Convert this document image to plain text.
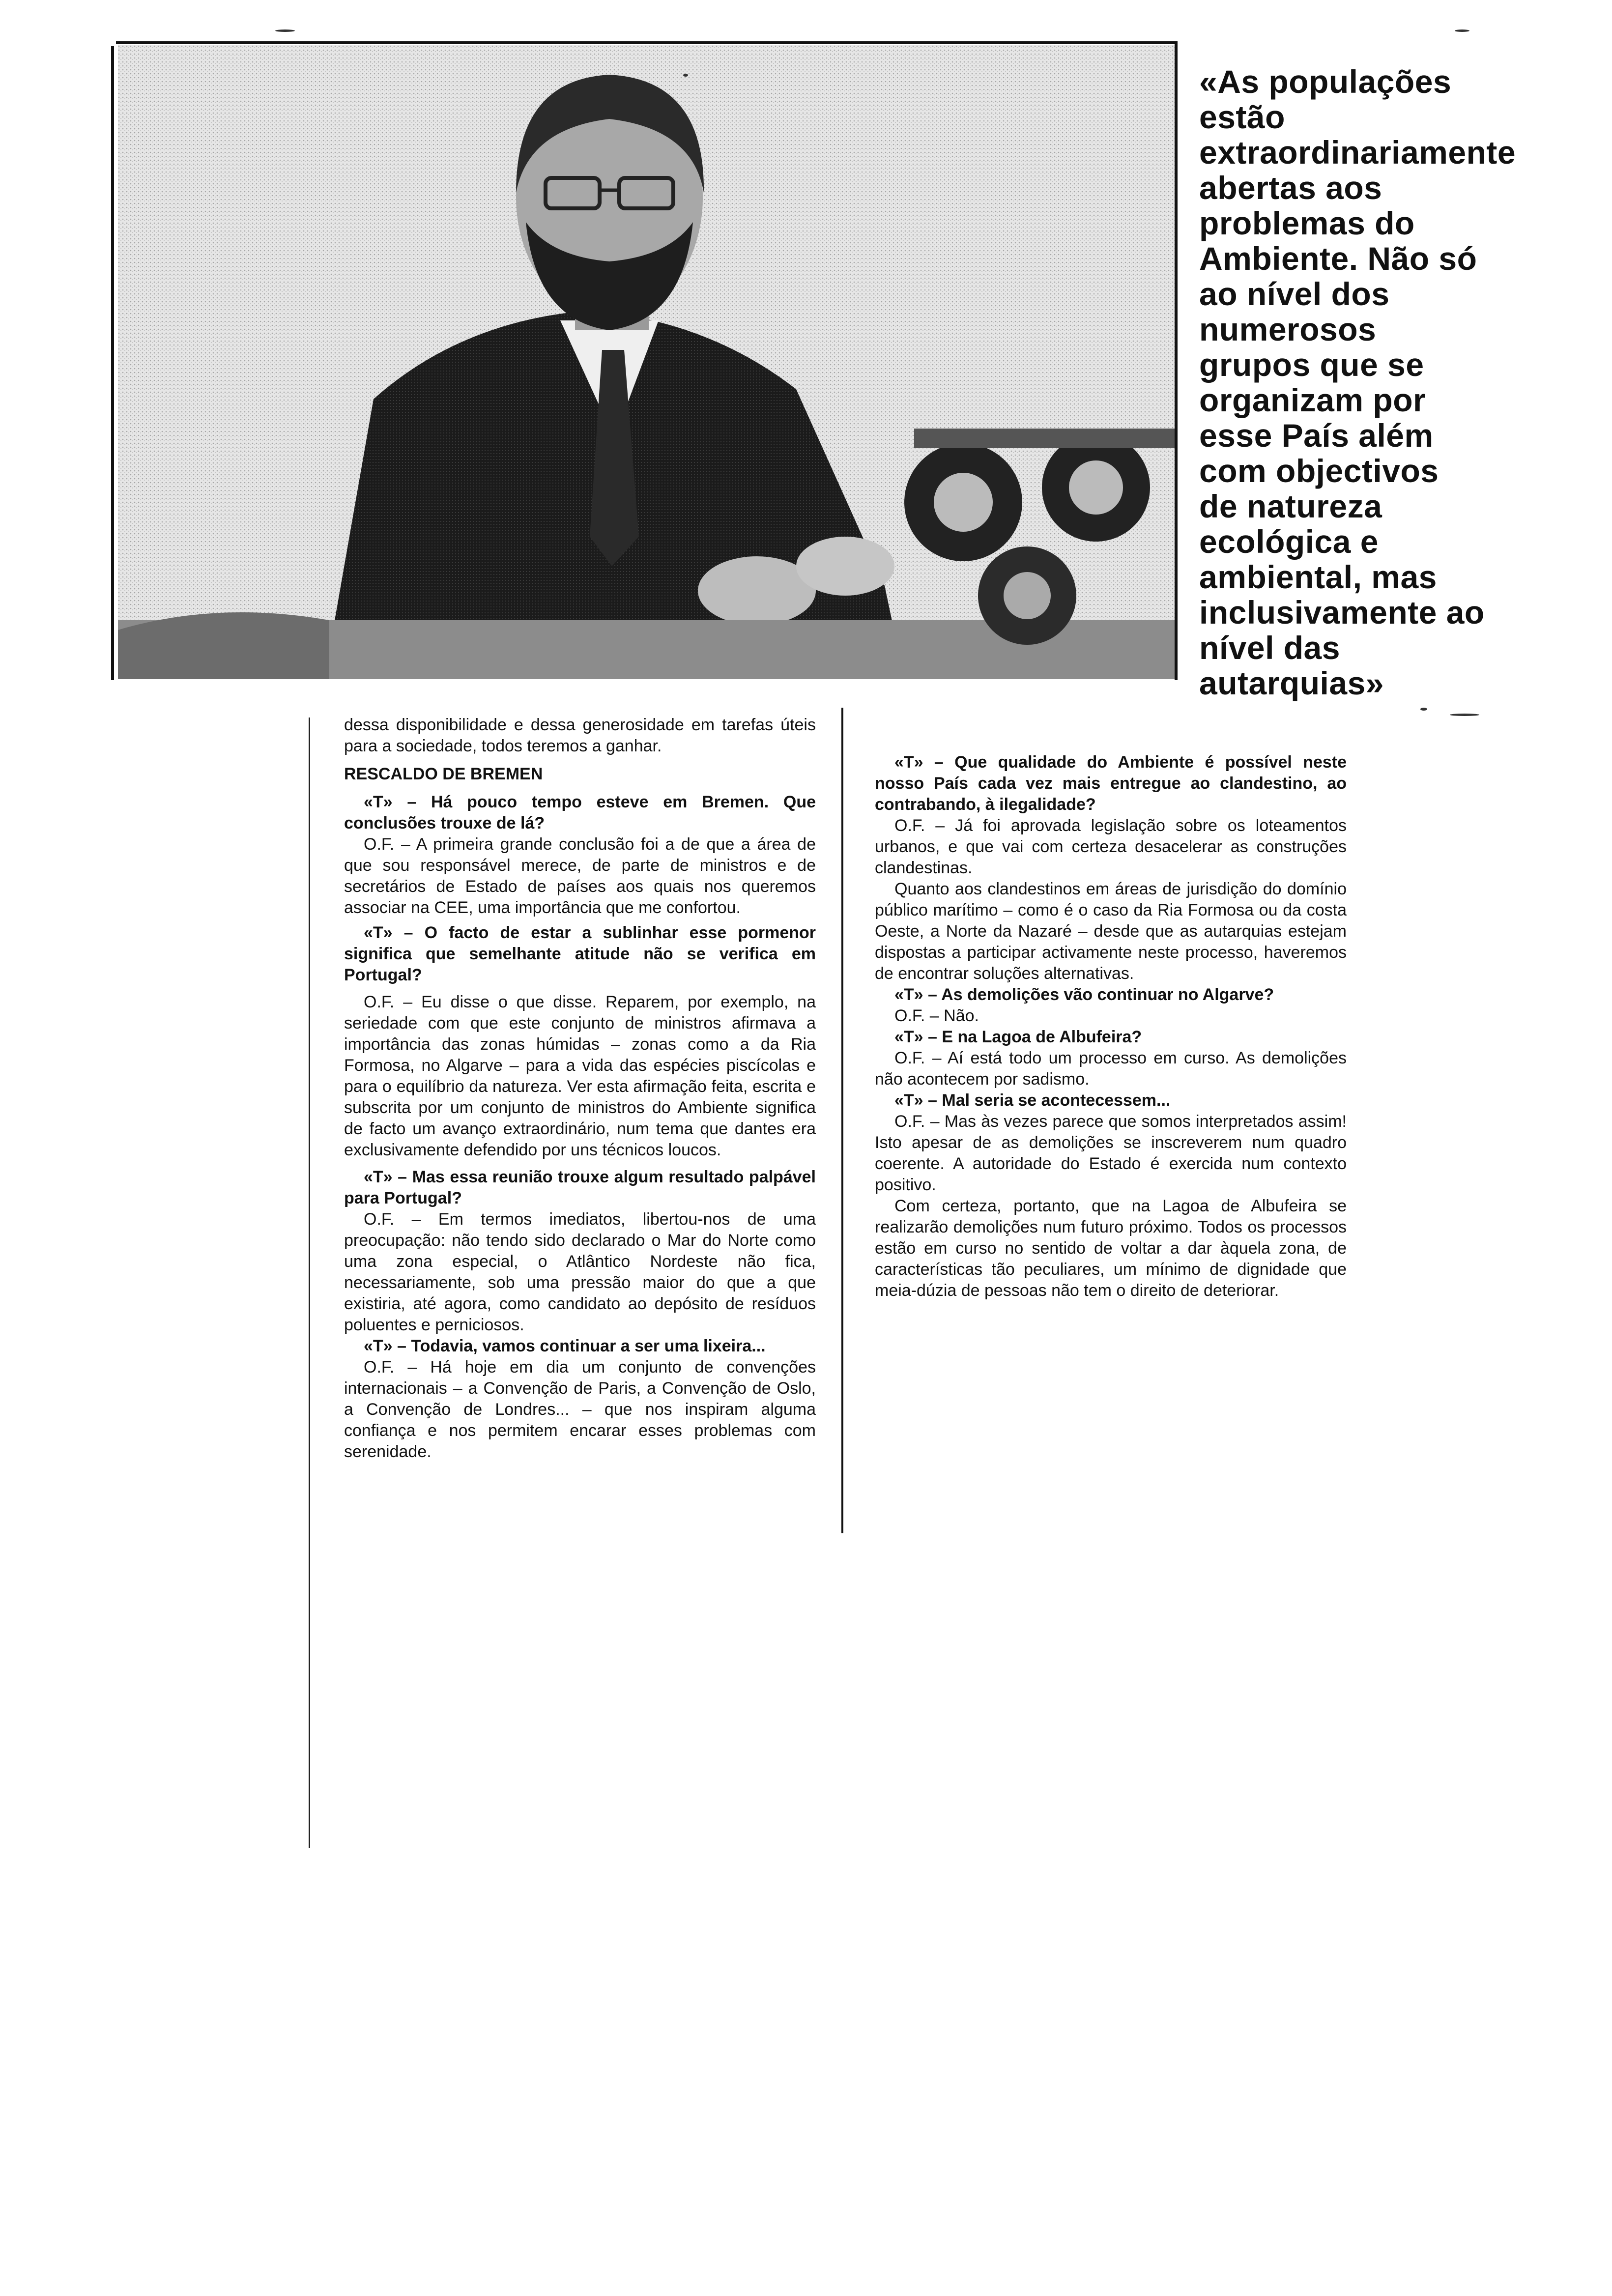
«As populações
estão
extraordinariamente
abertas aos
problemas do
Ambiente. Não só
ao nível dos
numerosos
grupos que se
organizam por
esse País além
com objectivos
de natureza
ecológica e
ambiental, mas
inclusivamente ao
nível das
autarquias»

dessa disponibilidade e dessa generosidade em tarefas úteis para a sociedade, todos teremos a ganhar.

RESCALDO DE BREMEN

«T» – Há pouco tempo esteve em Bremen. Que conclusões trouxe de lá?

O.F. – A primeira grande conclusão foi a de que a área de que sou responsável merece, de parte de ministros e de secretários de Estado de países aos quais nos queremos associar na CEE, uma importância que me confortou.

«T» – O facto de estar a sublinhar esse pormenor significa que semelhante atitude não se verifica em Portugal?

O.F. – Eu disse o que disse. Reparem, por exemplo, na seriedade com que este conjunto de ministros afirmava a importância das zonas húmidas – zonas como a da Ria Formosa, no Algarve – para a vida das espécies piscícolas e para o equilíbrio da natureza. Ver esta afirmação feita, escrita e subscrita por um conjunto de ministros do Ambiente significa de facto um avanço extraordinário, num tema que dantes era exclusivamente defendido por uns técnicos loucos.

«T» – Mas essa reunião trouxe algum resultado palpável para Portugal?

O.F. – Em termos imediatos, libertou-nos de uma preocupação: não tendo sido declarado o Mar do Norte como uma zona especial, o Atlântico Nordeste não fica, necessariamente, sob uma pressão maior do que a que existiria, até agora, como candidato ao depósito de resíduos poluentes e perniciosos.

«T» – Todavia, vamos continuar a ser uma lixeira...

O.F. – Há hoje em dia um conjunto de convenções internacionais – a Convenção de Paris, a Convenção de Oslo, a Convenção de Londres... – que nos inspiram alguma confiança e nos permitem encarar esses problemas com serenidade.

«T» – Que qualidade do Ambiente é possível neste nosso País cada vez mais entregue ao clandestino, ao contrabando, à ilegalidade?

O.F. – Já foi aprovada legislação sobre os loteamentos urbanos, e que vai com certeza desacelerar as construções clandestinas.

Quanto aos clandestinos em áreas de jurisdição do domínio público marítimo – como é o caso da Ria Formosa ou da costa Oeste, a Norte da Nazaré – desde que as autarquias estejam dispostas a participar activamente neste processo, haveremos de encontrar soluções alternativas.

«T» – As demolições vão continuar no Algarve?

O.F. – Não.

«T» – E na Lagoa de Albufeira?

O.F. – Aí está todo um processo em curso. As demolições não acontecem por sadismo.

«T» – Mal seria se acontecessem...

O.F. – Mas às vezes parece que somos interpretados assim! Isto apesar de as demolições se inscreverem num quadro coerente. A autoridade do Estado é exercida num contexto positivo.

Com certeza, portanto, que na Lagoa de Albufeira se realizarão demolições num futuro próximo. Todos os processos estão em curso no sentido de voltar a dar àquela zona, de características tão peculiares, um mínimo de dignidade que meia-dúzia de pessoas não tem o direito de deteriorar.
